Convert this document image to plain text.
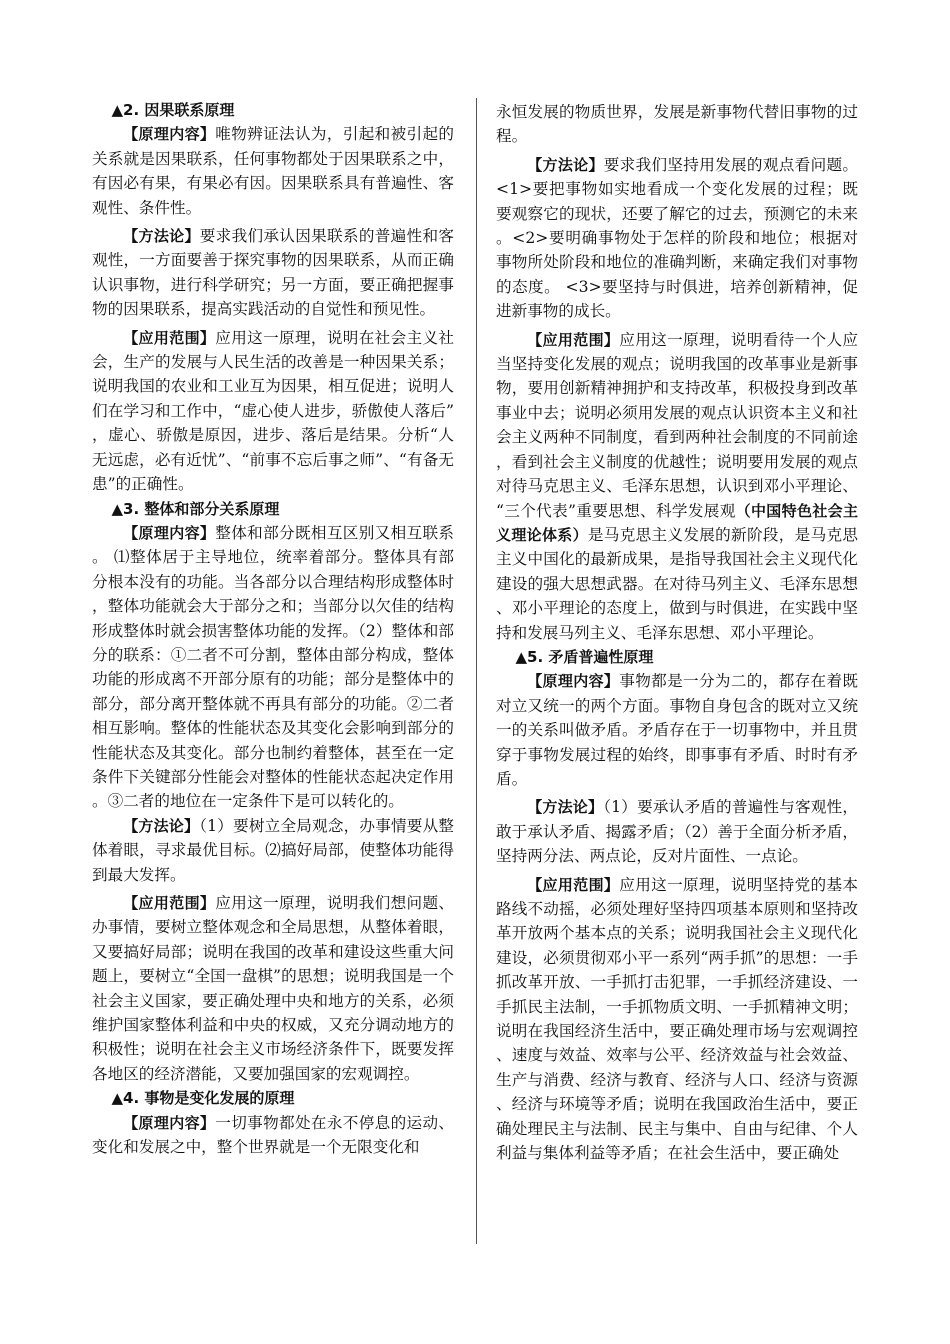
▲2. 因果联系原理

【原理内容】唯物辨证法认为，引起和被引起的关系就是因果联系，任何事物都处于因果联系之中，有因必有果，有果必有因。因果联系具有普遍性、客观性、条件性。

【方法论】要求我们承认因果联系的普遍性和客观性，一方面要善于探究事物的因果联系，从而正确认识事物，进行科学研究；另一方面，要正确把握事物的因果联系，提高实践活动的自觉性和预见性。

【应用范围】应用这一原理，说明在社会主义社会，生产的发展与人民生活的改善是一种因果关系；说明我国的农业和工业互为因果，相互促进；说明人们在学习和工作中，“虚心使人进步，骄傲使人落后”，虚心、骄傲是原因，进步、落后是结果。分析“人无远虑，必有近忧”、“前事不忘后事之师”、“有备无患”的正确性。

▲3. 整体和部分关系原理

【原理内容】整体和部分既相互区别又相互联系。 ⑴整体居于主导地位，统率着部分。整体具有部分根本没有的功能。当各部分以合理结构形成整体时，整体功能就会大于部分之和；当部分以欠佳的结构形成整体时就会损害整体功能的发挥。（2）整体和部分的联系：①二者不可分割，整体由部分构成，整体功能的形成离不开部分原有的功能；部分是整体中的部分，部分离开整体就不再具有部分的功能。②二者相互影响。整体的性能状态及其变化会影响到部分的性能状态及其变化。部分也制约着整体，甚至在一定条件下关键部分性能会对整体的性能状态起决定作用。③二者的地位在一定条件下是可以转化的。

【方法论】（1）要树立全局观念，办事情要从整体着眼，寻求最优目标。⑵搞好局部，使整体功能得到最大发挥。

【应用范围】应用这一原理，说明我们想问题、办事情，要树立整体观念和全局思想，从整体着眼，又要搞好局部；说明在我国的改革和建设这些重大问题上，要树立“全国一盘棋”的思想；说明我国是一个社会主义国家，要正确处理中央和地方的关系，必须维护国家整体利益和中央的权威，又充分调动地方的积极性；说明在社会主义市场经济条件下，既要发挥各地区的经济潜能，又要加强国家的宏观调控。

▲4. 事物是变化发展的原理

【原理内容】一切事物都处在永不停息的运动、变化和发展之中，整个世界就是一个无限变化和

永恒发展的物质世界，发展是新事物代替旧事物的过程。

【方法论】要求我们坚持用发展的观点看问题。<1>要把事物如实地看成一个变化发展的过程；既要观察它的现状，还要了解它的过去，预测它的未来。<2>要明确事物处于怎样的阶段和地位；根据对事物所处阶段和地位的准确判断，来确定我们对事物的态度。 <3>要坚持与时俱进，培养创新精神，促进新事物的成长。

【应用范围】应用这一原理，说明看待一个人应当坚持变化发展的观点；说明我国的改革事业是新事物，要用创新精神拥护和支持改革，积极投身到改革事业中去；说明必须用发展的观点认识资本主义和社会主义两种不同制度，看到两种社会制度的不同前途，看到社会主义制度的优越性；说明要用发展的观点对待马克思主义、毛泽东思想，认识到邓小平理论、“三个代表”重要思想、科学发展观（中国特色社会主义理论体系）是马克思主义发展的新阶段，是马克思主义中国化的最新成果，是指导我国社会主义现代化建设的强大思想武器。在对待马列主义、毛泽东思想、邓小平理论的态度上，做到与时俱进，在实践中坚持和发展马列主义、毛泽东思想、邓小平理论。

▲5. 矛盾普遍性原理

【原理内容】事物都是一分为二的，都存在着既对立又统一的两个方面。事物自身包含的既对立又统一的关系叫做矛盾。矛盾存在于一切事物中，并且贯穿于事物发展过程的始终，即事事有矛盾、时时有矛盾。

【方法论】（1）要承认矛盾的普遍性与客观性，敢于承认矛盾、揭露矛盾；（2）善于全面分析矛盾，坚持两分法、两点论，反对片面性、一点论。

【应用范围】应用这一原理，说明坚持党的基本路线不动摇，必须处理好坚持四项基本原则和坚持改革开放两个基本点的关系；说明我国社会主义现代化建设，必须贯彻邓小平一系列“两手抓”的思想：一手抓改革开放、一手抓打击犯罪，一手抓经济建设、一手抓民主法制，一手抓物质文明、一手抓精神文明；说明在我国经济生活中，要正确处理市场与宏观调控、速度与效益、效率与公平、经济效益与社会效益、生产与消费、经济与教育、经济与人口、经济与资源、经济与环境等矛盾；说明在我国政治生活中，要正确处理民主与法制、民主与集中、自由与纪律、个人利益与集体利益等矛盾；在社会生活中，要正确处
